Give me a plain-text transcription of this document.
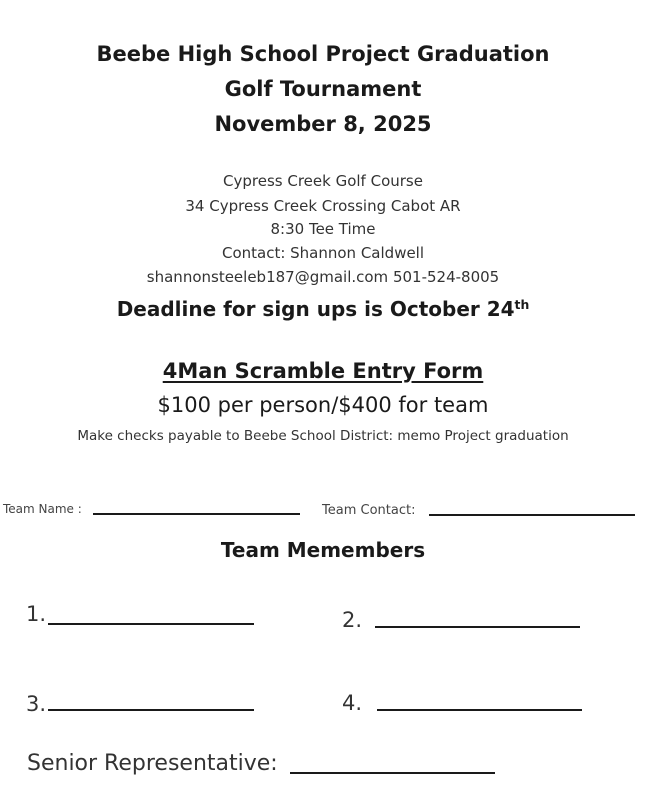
Beebe High School Project Graduation
Golf Tournament
November 8, 2025
Cypress Creek Golf Course
34 Cypress Creek Crossing Cabot AR
8:30 Tee Time
Contact: Shannon Caldwell
shannonsteeleb187@gmail.com 501-524-8005
Deadline for sign ups is October 24th
4Man Scramble Entry Form
$100 per person/$400 for team
Make checks payable to Beebe School District: memo Project graduation
Team Name :	Team Contact:
Team Memembers
1.	2.
3.	4.
Senior Representative:
